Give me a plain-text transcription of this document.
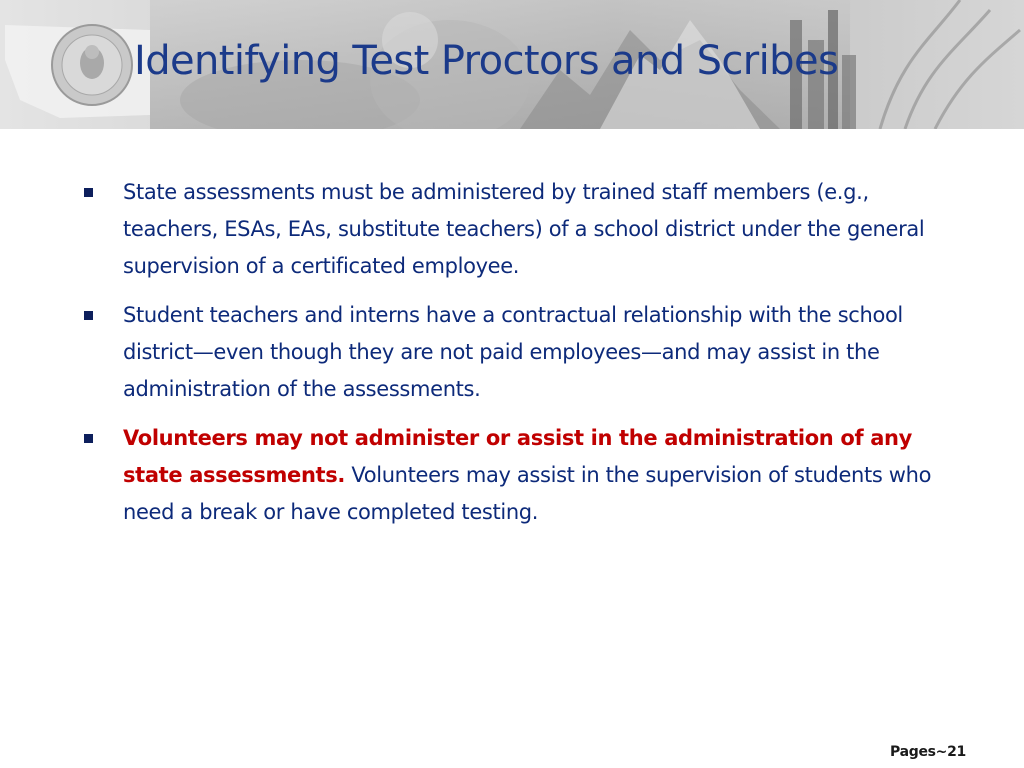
Identifying Test Proctors and Scribes
State assessments must be administered by trained staff members (e.g., teachers, ESAs, EAs, substitute teachers) of a school district under the general supervision of a certificated employee.
Student teachers and interns have a contractual relationship with the school district—even though they are not paid employees—and may assist in the administration of the assessments.
Volunteers may not administer or assist in the administration of any state assessments. Volunteers may assist in the supervision of students who need a break or have completed testing.
Pages~21
